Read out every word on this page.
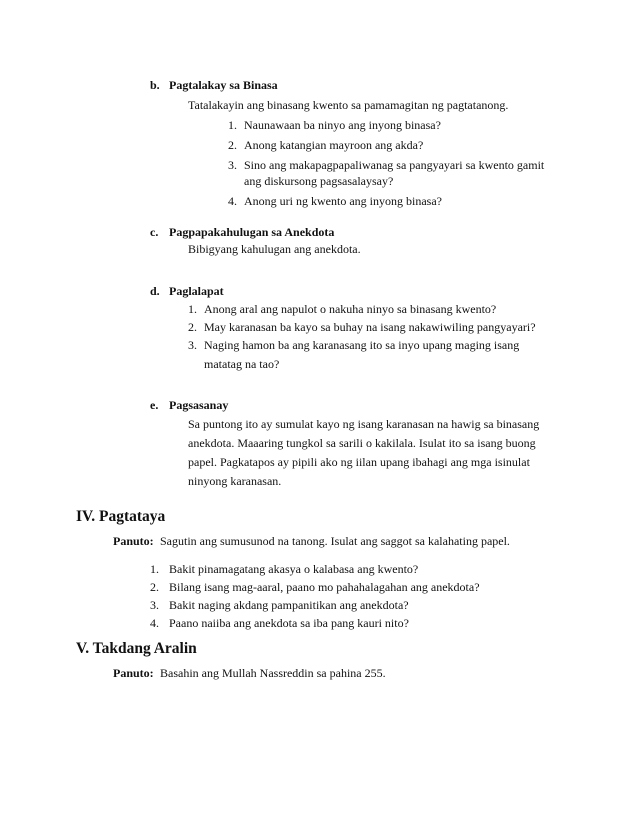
b. Pagtalakay sa Binasa
Tatalakayin ang binasang kwento sa pamamagitan ng pagtatanong.
1. Naunawaan ba ninyo ang inyong binasa?
2. Anong katangian mayroon ang akda?
3. Sino ang makapagpapaliwanag sa pangyayari sa kwento gamit
ang diskursong pagsasalaysay?
4. Anong uri ng kwento ang inyong binasa?
c. Pagpapakahulugan sa Anekdota
Bibigyang kahulugan ang anekdota.
d. Paglalapat
1. Anong aral ang napulot o nakuha ninyo sa binasang kwento?
2. May karanasan ba kayo sa buhay na isang nakawiwiling pangyayari?
3. Naging hamon ba ang karanasang ito sa inyo upang maging isang
matatag na tao?
e. Pagsasanay
Sa puntong ito ay sumulat kayo ng isang karanasan na hawig sa binasang
anekdota. Maaaring tungkol sa sarili o kakilala. Isulat ito sa isang buong
papel. Pagkatapos ay pipili ako ng iilan upang ibahagi ang mga isinulat
ninyong karanasan.
IV. Pagtataya
Panuto: Sagutin ang sumusunod na tanong. Isulat ang saggot sa kalahating papel.
1. Bakit pinamagatang akasya o kalabasa ang kwento?
2. Bilang isang mag-aaral, paano mo pahahalagahan ang anekdota?
3. Bakit naging akdang pampanitikan ang anekdota?
4. Paano naiiba ang anekdota sa iba pang kauri nito?
V. Takdang Aralin
Panuto: Basahin ang Mullah Nassreddin sa pahina 255.
